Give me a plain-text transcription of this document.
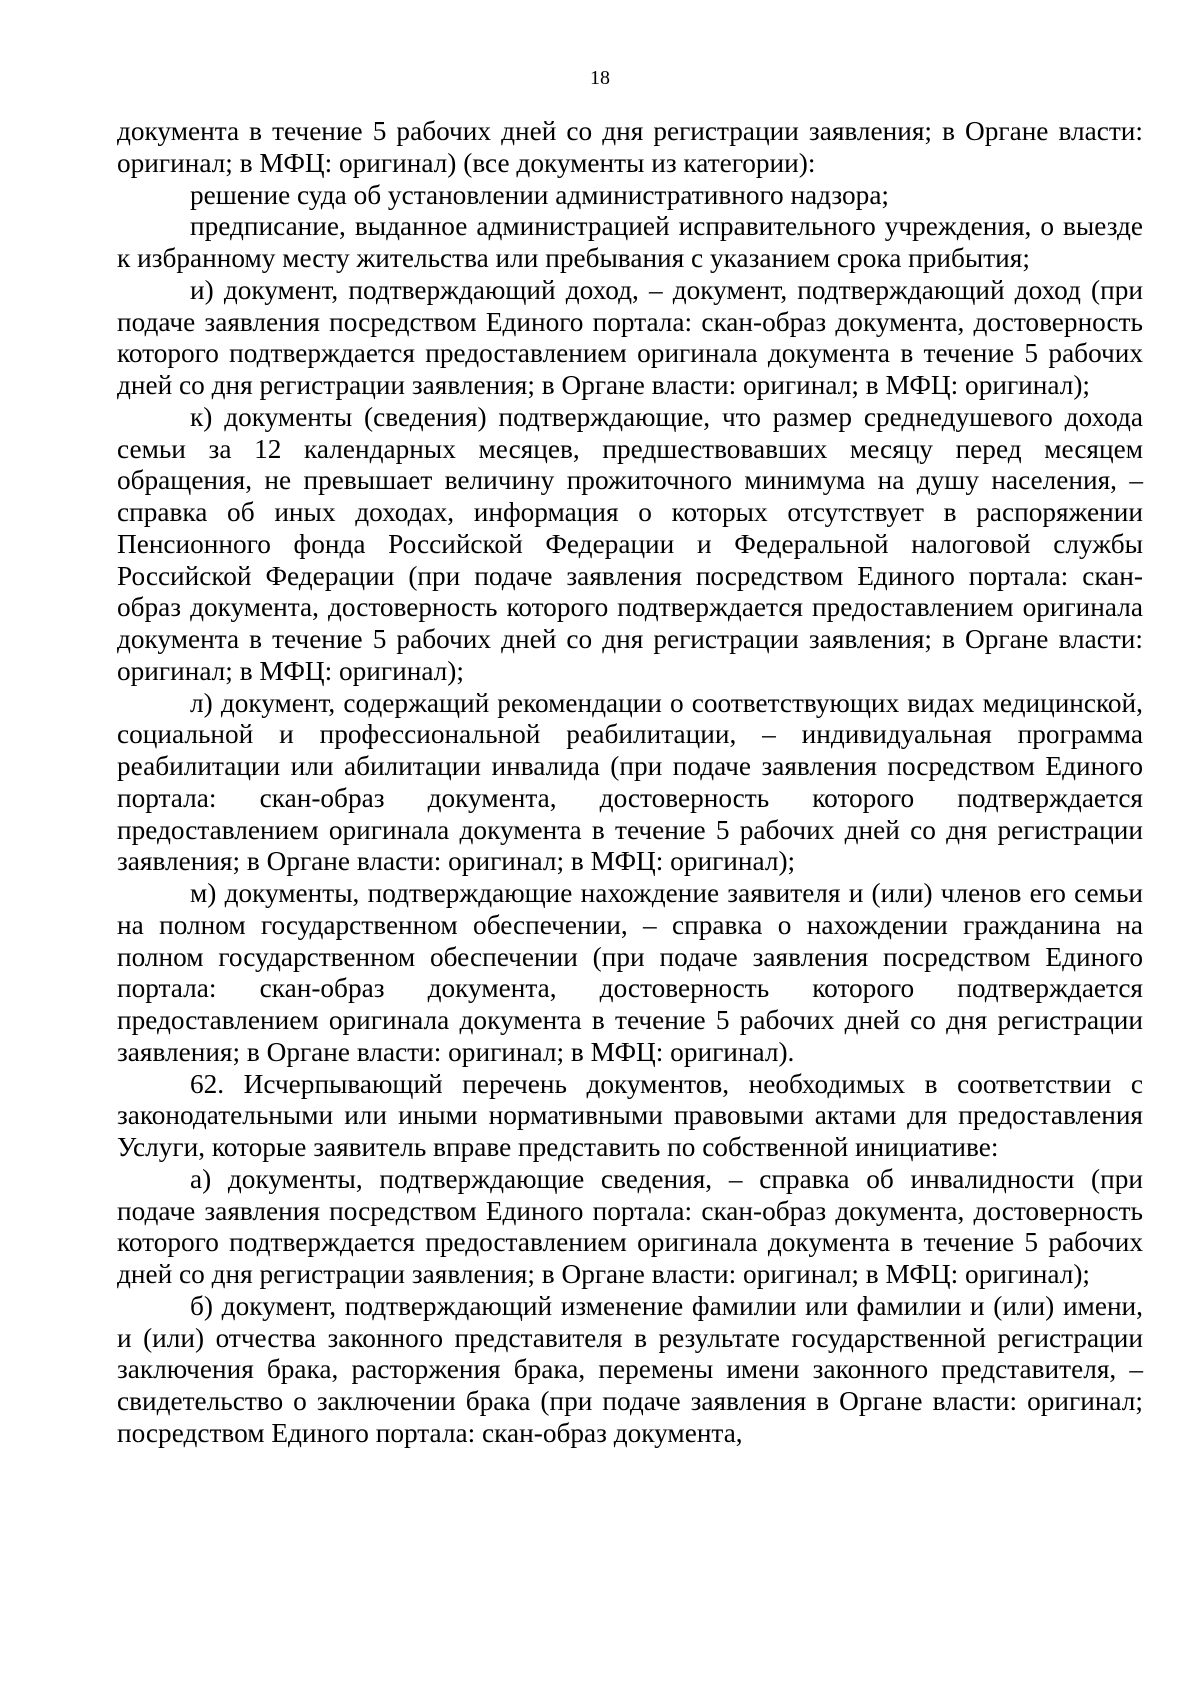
18

документа в течение 5 рабочих дней со дня регистрации заявления; в Органе власти: оригинал; в МФЦ: оригинал) (все документы из категории):

решение суда об установлении административного надзора;

предписание, выданное администрацией исправительного учреждения, о выезде к избранному месту жительства или пребывания с указанием срока прибытия;

и) документ, подтверждающий доход, – документ, подтверждающий доход (при подаче заявления посредством Единого портала: скан-образ документа, достоверность которого подтверждается предоставлением оригинала документа в течение 5 рабочих дней со дня регистрации заявления; в Органе власти: оригинал; в МФЦ: оригинал);

к) документы (сведения) подтверждающие, что размер среднедушевого дохода семьи за 12 календарных месяцев, предшествовавших месяцу перед месяцем обращения, не превышает величину прожиточного минимума на душу населения, – справка об иных доходах, информация о которых отсутствует в распоряжении Пенсионного фонда Российской Федерации и Федеральной налоговой службы Российской Федерации (при подаче заявления посредством Единого портала: скан-образ документа, достоверность которого подтверждается предоставлением оригинала документа в течение 5 рабочих дней со дня регистрации заявления; в Органе власти: оригинал; в МФЦ: оригинал);

л) документ, содержащий рекомендации о соответствующих видах медицинской, социальной и профессиональной реабилитации, – индивидуальная программа реабилитации или абилитации инвалида (при подаче заявления посредством Единого портала: скан-образ документа, достоверность которого подтверждается предоставлением оригинала документа в течение 5 рабочих дней со дня регистрации заявления; в Органе власти: оригинал; в МФЦ: оригинал);

м) документы, подтверждающие нахождение заявителя и (или) членов его семьи на полном государственном обеспечении, – справка о нахождении гражданина на полном государственном обеспечении (при подаче заявления посредством Единого портала: скан-образ документа, достоверность которого подтверждается предоставлением оригинала документа в течение 5 рабочих дней со дня регистрации заявления; в Органе власти: оригинал; в МФЦ: оригинал).

62. Исчерпывающий перечень документов, необходимых в соответствии с законодательными или иными нормативными правовыми актами для предоставления Услуги, которые заявитель вправе представить по собственной инициативе:

а) документы, подтверждающие сведения, – справка об инвалидности (при подаче заявления посредством Единого портала: скан-образ документа, достоверность которого подтверждается предоставлением оригинала документа в течение 5 рабочих дней со дня регистрации заявления; в Органе власти: оригинал; в МФЦ: оригинал);

б) документ, подтверждающий изменение фамилии или фамилии и (или) имени, и (или) отчества законного представителя в результате государственной регистрации заключения брака, расторжения брака, перемены имени законного представителя, – свидетельство о заключении брака (при подаче заявления в Органе власти: оригинал; посредством Единого портала: скан-образ документа,
